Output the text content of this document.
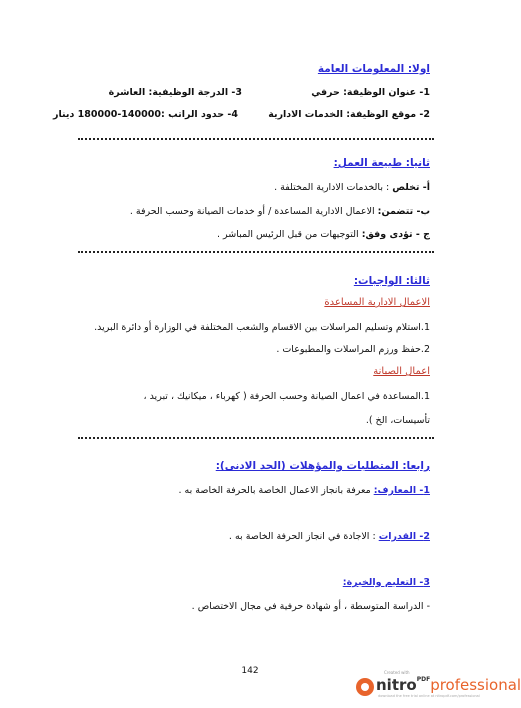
اولا: المعلومات العامة
1- عنوان الوظيفة: حرفي
3- الدرجة الوظيفية: العاشرة
2- موقع الوظيفة: الخدمات الادارية
4- حدود الراتب :140000-180000 دينار
ثانيا: طبيعة العمل:
أ- تخلص : بالخدمات الادارية المختلفة .
ب- تتضمن: الاعمال الادارية المساعدة / أو خدمات الصيانة وحسب الحرفة .
ج - تؤدى وفق: التوجيهات من قبل الرئيس المباشر .
ثالثا: الواجبات:
الاعمال الادارية المساعدة
1.استلام وتسليم المراسلات بين الاقسام والشعب المختلفة في الوزارة أو دائرة البريد.
2.حفظ ورزم المراسلات والمطبوعات .
اعمال الصيانة
1.المساعدة في اعمال الصيانة وحسب الحرفة ( كهرباء ، ميكانيك ، تبريد ،
تأسيسات، الخ ).
رابعا: المتطلبات والمؤهلات (الحد الادنى):
1- المعارف: معرفة بانجاز الاعمال الخاصة بالحرفة الخاصة به .
2- القدرات : الاجادة في انجاز الحرفة الخاصة به .
3- التعليم والخبرة:
- الدراسة المتوسطة ، أو شهادة حرفية في مجال الاختصاص .
142	Created with
nitro$^{PDF}$professional
download the free trial online at nitropdf.com/professional
